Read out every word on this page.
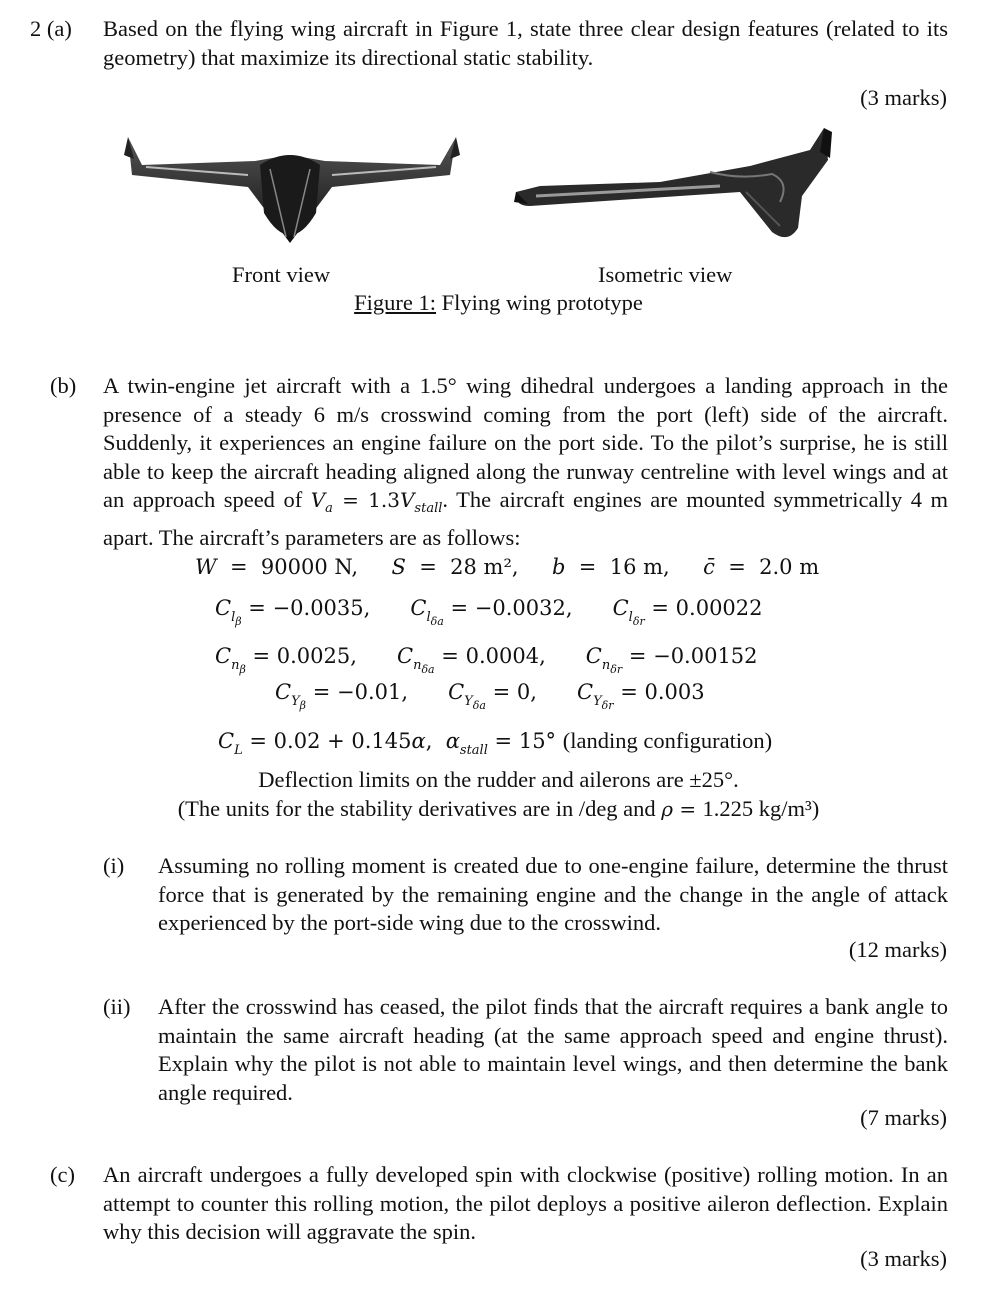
2 (a) Based on the flying wing aircraft in Figure 1, state three clear design features (related to its geometry) that maximize its directional static stability.
(3 marks)
Front view	Isometric view
Figure 1: Flying wing prototype
(b) A twin-engine jet aircraft with a 1.5° wing dihedral undergoes a landing approach in the presence of a steady 6 m/s crosswind coming from the port (left) side of the aircraft. Suddenly, it experiences an engine failure on the port side. To the pilot’s surprise, he is still able to keep the aircraft heading aligned along the runway centreline with level wings and at an approach speed of $V_a = 1.3V_{stall}$. The aircraft engines are mounted symmetrically 4 m apart. The aircraft’s parameters are as follows:
W  =  90000 N,     S  =  28 m²,     b  =  16 m,     c̄  =  2.0 m
$C_{l_\beta} = -0.0035$,      $C_{l_{\delta a}} = -0.0032$,      $C_{l_{\delta r}} = 0.00022$
$C_{n_\beta} = 0.0025$,      $C_{n_{\delta a}} = 0.0004$,      $C_{n_{\delta r}} = -0.00152$
$C_{Y_\beta} = -0.01$,      $C_{Y_{\delta a}} = 0$,      $C_{Y_{\delta r}} = 0.003$
$C_L = 0.02 + 0.145\alpha$,  $\alpha_{stall} = 15^\circ$ (landing configuration)
Deflection limits on the rudder and ailerons are ±25°.
(The units for the stability derivatives are in /deg and ρ = 1.225 kg/m³)
(i) Assuming no rolling moment is created due to one-engine failure, determine the thrust force that is generated by the remaining engine and the change in the angle of attack experienced by the port-side wing due to the crosswind.
(12 marks)
(ii) After the crosswind has ceased, the pilot finds that the aircraft requires a bank angle to maintain the same aircraft heading (at the same approach speed and engine thrust). Explain why the pilot is not able to maintain level wings, and then determine the bank angle required.
(7 marks)
(c) An aircraft undergoes a fully developed spin with clockwise (positive) rolling motion. In an attempt to counter this rolling motion, the pilot deploys a positive aileron deflection. Explain why this decision will aggravate the spin.
(3 marks)
